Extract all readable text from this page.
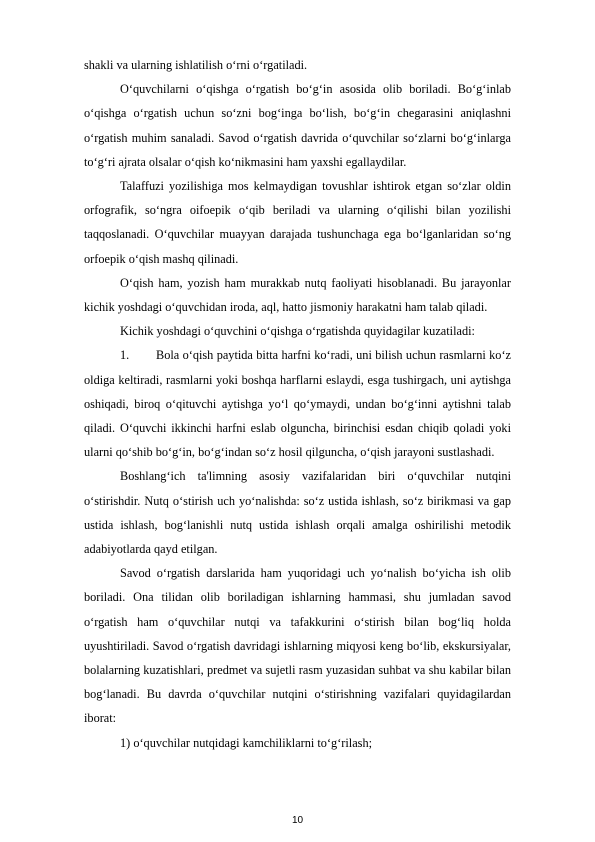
shakli va ularning ishlatilish o‘rni o‘rgatiladi.

O‘quvchilarni o‘qishga o‘rgatish bo‘g‘in asosida olib boriladi. Bo‘g‘inlab o‘qishga o‘rgatish uchun so‘zni bog‘inga bo‘lish, bo‘g‘in chegarasini aniqlashni o‘rgatish muhim sanaladi. Savod o‘rgatish davrida o‘quvchilar so‘zlarni bo‘g‘inlarga to‘g‘ri ajrata olsalar o‘qish ko‘nikmasini ham yaxshi egallaydilar.

Talaffuzi yozilishiga mos kelmaydigan tovushlar ishtirok etgan so‘zlar oldin orfografik, so‘ngra oifoepik o‘qib beriladi va ularning o‘qilishi bilan yozilishi taqqoslanadi. O‘quvchilar muayyan darajada tushunchaga ega bo‘lganlaridan so‘ng orfoepik o‘qish mashq qilinadi.

O‘qish ham, yozish ham murakkab nutq faoliyati hisoblanadi. Bu jarayonlar kichik yoshdagi o‘quvchidan iroda, aql, hatto jismoniy harakatni ham talab qiladi.

Kichik yoshdagi o‘quvchini o‘qishga o‘rgatishda quyidagilar kuzatiladi:

1. Bola o‘qish paytida bitta harfni ko‘radi, uni bilish uchun rasmlarni ko‘z oldiga keltiradi, rasmlarni yoki boshqa harflarni eslaydi, esga tushirgach, uni aytishga oshiqadi, biroq o‘qituvchi aytishga yo‘l qo‘ymaydi, undan bo‘g‘inni aytishni talab qiladi. O‘quvchi ikkinchi harfni eslab olguncha, birinchisi esdan chiqib qoladi yoki ularni qo‘shib bo‘g‘in, bo‘g‘indan so‘z hosil qilguncha, o‘qish jarayoni sustlashadi.

Boshlang‘ich ta'limning asosiy vazifalaridan biri o‘quvchilar nutqini o‘stirishdir. Nutq o‘stirish uch yo‘nalishda: so‘z ustida ishlash, so‘z birikmasi va gap ustida ishlash, bog‘lanishli nutq ustida ishlash orqali amalga oshirilishi metodik adabiyotlarda qayd etilgan.

Savod o‘rgatish darslarida ham yuqoridagi uch yo‘nalish bo‘yicha ish olib boriladi. Ona tilidan olib boriladigan ishlarning hammasi, shu jumladan savod o‘rgatish ham o‘quvchilar nutqi va tafakkurini o‘stirish bilan bog‘liq holda uyushtiriladi. Savod o‘rgatish davridagi ishlarning miqyosi keng bo‘lib, ekskursiyalar, bolalarning kuzatishlari, predmet va sujetli rasm yuzasidan suhbat va shu kabilar bilan bog‘lanadi. Bu davrda o‘quvchilar nutqini o‘stirishning vazifalari quyidagilardan iborat:

1) o‘quvchilar nutqidagi kamchiliklarni to‘g‘rilash;

10
